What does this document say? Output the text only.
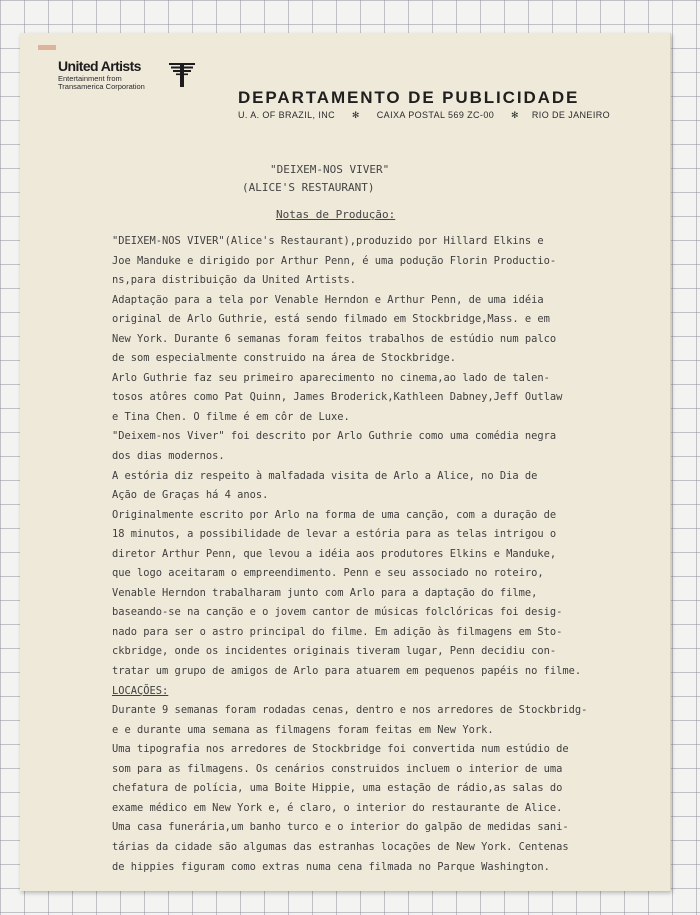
United Artists
Entertainment from
Transamerica Corporation
DEPARTAMENTO DE PUBLICIDADE
U. A. OF BRAZIL, INC ✻ CAIXA POSTAL 569 ZC-00 ✻ RIO DE JANEIRO
"DEIXEM-NOS VIVER"
(ALICE'S RESTAURANT)
Notas de Produção:
"DEIXEM-NOS VIVER"(Alice's Restaurant),produzido por Hillard Elkins e
Joe Manduke e dirigido por Arthur Penn, é uma podução Florin Productio-
ns,para distribuição da United Artists.
Adaptação para a tela por Venable Herndon e Arthur Penn, de uma idéia
original de Arlo Guthrie, está sendo filmado em Stockbridge,Mass. e em
New York. Durante 6 semanas foram feitos trabalhos de estúdio num palco
de som especialmente construido na área de Stockbridge.
Arlo Guthrie faz seu primeiro aparecimento no cinema,ao lado de talen-
tosos atôres como Pat Quinn, James Broderick,Kathleen Dabney,Jeff Outlaw
e Tina Chen. O filme é em côr de Luxe.
"Deixem-nos Viver" foi descrito por Arlo Guthrie como uma comédia negra
dos dias modernos.
A estória diz respeito à malfadada visita de Arlo a Alice, no Dia de
Ação de Graças há 4 anos.
Originalmente escrito por Arlo na forma de uma canção, com a duração de
18 minutos, a possibilidade de levar a estória para as telas intrigou o
diretor Arthur Penn, que levou a idéia aos produtores Elkins e Manduke,
que logo aceitaram o empreendimento. Penn e seu associado no roteiro,
Venable Herndon trabalharam junto com Arlo para a daptação do filme,
baseando-se na canção e o jovem cantor de músicas folclóricas foi desig-
nado para ser o astro principal do filme. Em adição às filmagens em Sto-
ckbridge, onde os incidentes originais tiveram lugar, Penn decidiu con-
tratar um grupo de amigos de Arlo para atuarem em pequenos papéis no filme.
LOCAÇÕES:
Durante 9 semanas foram rodadas cenas, dentro e nos arredores de Stockbridg-
e e durante uma semana as filmagens foram feitas em New York.
Uma tipografia nos arredores de Stockbridge foi convertida num estúdio de
som para as filmagens. Os cenários construidos incluem o interior de uma
chefatura de polícia, uma Boite Hippie, uma estação de rádio,as salas do
exame médico em New York e, é claro, o interior do restaurante de Alice.
Uma casa funerária,um banho turco e o interior do galpão de medidas sani-
tárias da cidade são algumas das estranhas locações de New York. Centenas
de hippies figuram como extras numa cena filmada no Parque Washington.
